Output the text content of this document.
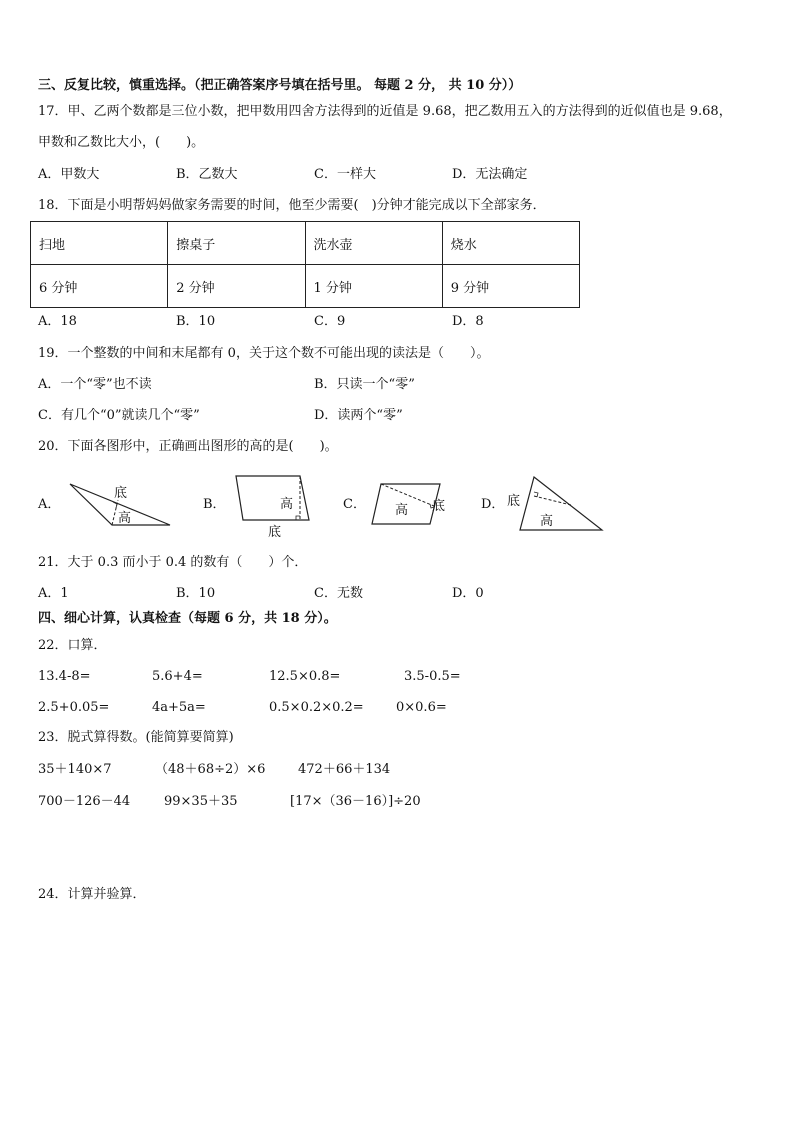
三、反复比较，慎重选择。（把正确答案序号填在括号里。 每题 2 分， 共 10 分））
17．甲、乙两个数都是三位小数，把甲数用四舍方法得到的近值是 9.68，把乙数用五入的方法得到的近似值也是 9.68，
甲数和乙数比大小，(　　)。
A．甲数大	B．乙数大	C．一样大	D．无法确定
18．下面是小明帮妈妈做家务需要的时间，他至少需要(　)分钟才能完成以下全部家务．
扫地	擦桌子	洗水壶	烧水
6 分钟	2 分钟	1 分钟	9 分钟
A．18	B．10	C．9	D．8
19．一个整数的中间和末尾都有 0，关于这个数不可能出现的读法是（　　）。
A．一个“零”也不读	B．只读一个“零”
C．有几个“0”就读几个“零”	D．读两个“零”
20．下面各图形中，正确画出图形的高的是(　　)。
A．
底
高
B．	高
底
C． 高 底	D． 底
高
21．大于 0.3 而小于 0.4 的数有（　　）个．
A．1	B．10	C．无数	D．0
四、细心计算，认真检查（每题 6 分，共 18 分）。
22．口算．
13.4-8=	5.6+4=	12.5×0.8=	3.5-0.5=
2.5+0.05=	4a+5a=	0.5×0.2×0.2= 0×0.6=
23．脱式算得数。(能简算要简算)
35＋140×7	（48＋68÷2）×6	472＋66＋134
700－126－44	99×35＋35	[17×（36－16）]÷20
24．计算并验算．
